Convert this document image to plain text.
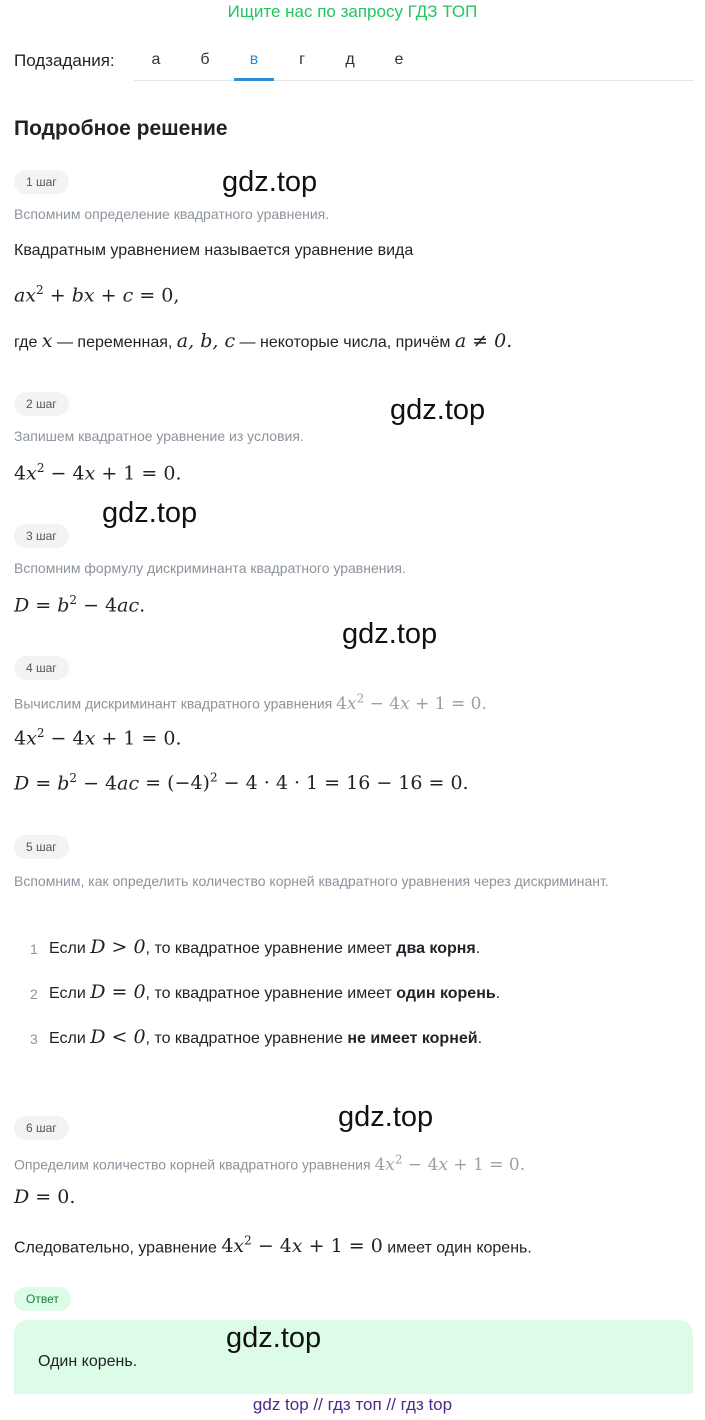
Ищите нас по запросу ГДЗ ТОП
Подзадания:	а	б	в	г	д	е
Подробное решение
1 шаг	gdz.top
Вспомним определение квадратного уравнения.
Квадратным уравнением называется уравнение вида
$ax^2$ + bx + c = 0,
где x — переменная, a, b, c — некоторые числа, причём a ≠ 0.
2 шаг	gdz.top
Запишем квадратное уравнение из условия.
$4x^2 - 4x + 1 = 0$.
3 шаг
gdz.top
Вспомним формулу дискриминанта квадратного уравнения.
$D = b^2 - 4ac$.
gdz.top
4 шаг
Вычислим дискриминант квадратного уравнения $4x^2 - 4x + 1 = 0$.
$4x^2 - 4x + 1 = 0$.
$D = b^2 - 4ac = (-4)^2 - 4 \cdot 4 \cdot 1 = 16 - 16 = 0$.
5 шаг
Вспомним, как определить количество корней квадратного уравнения через дискриминант.
1 Если D > 0, то квадратное уравнение имеет два корня.
2 Если D = 0, то квадратное уравнение имеет один корень.
3 Если D < 0, то квадратное уравнение не имеет корней.
gdz.top
6 шаг
Определим количество корней квадратного уравнения $4x^2 - 4x + 1 = 0$.
D = 0.
Следовательно, уравнение $4x^2 - 4x + 1 = 0$ имеет один корень.
Ответ
Один корень.
gdz.top
gdz top // гдз топ // гдз top
